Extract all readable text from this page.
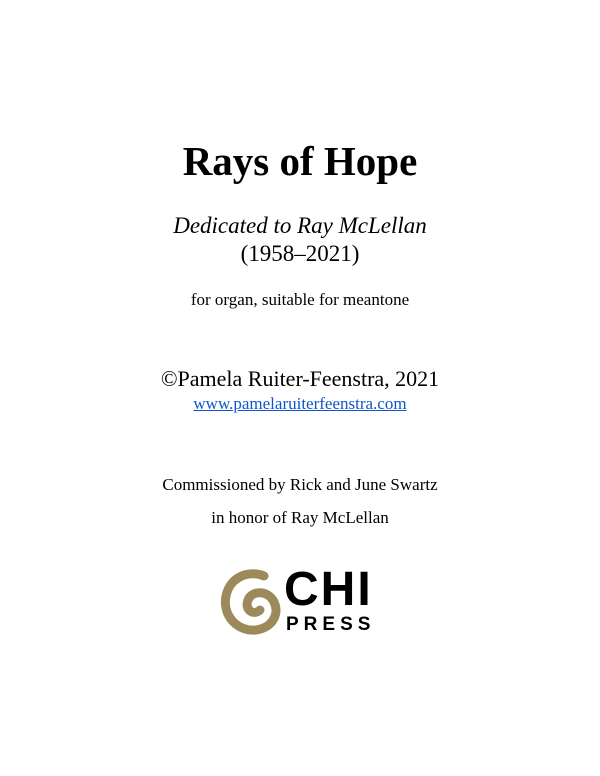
Rays of Hope
Dedicated to Ray McLellan
(1958–2021)
for organ, suitable for meantone
©Pamela Ruiter-Feenstra, 2021
www.pamelaruiterfeenstra.com
Commissioned by Rick and June Swartz
in honor of Ray McLellan
CHI
PRESS
